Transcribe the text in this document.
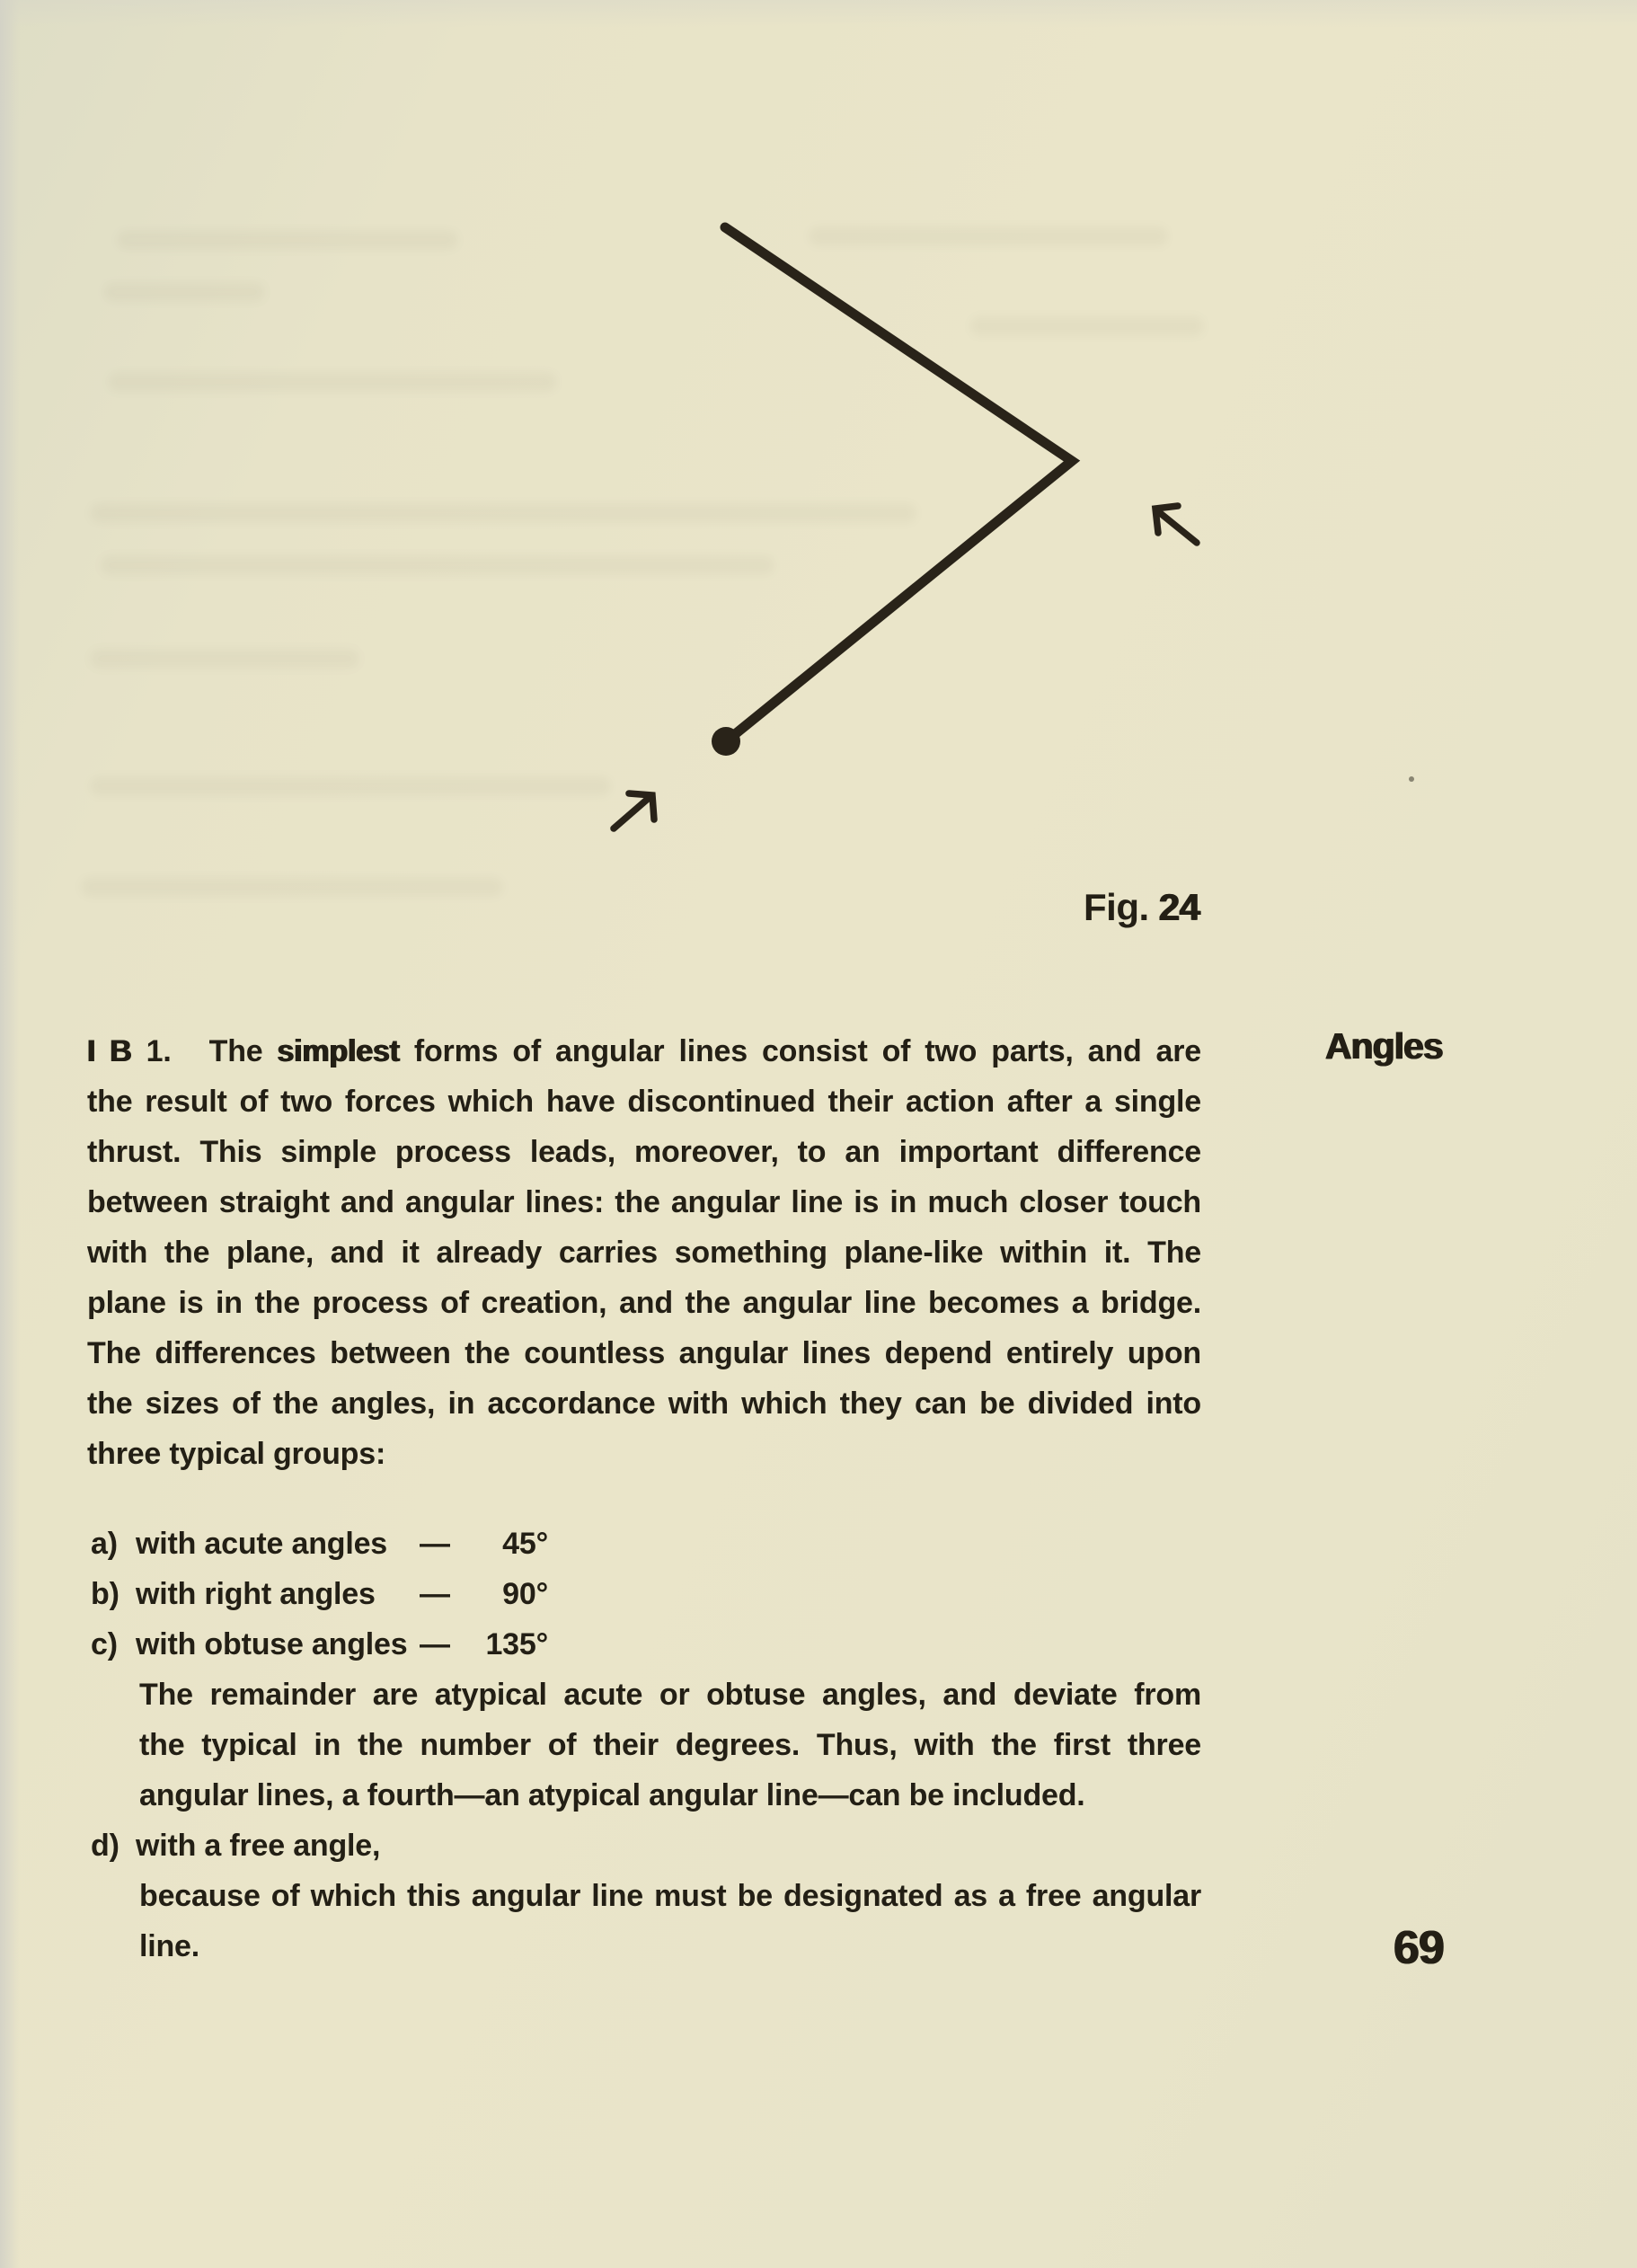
Fig. 24
Angles
I B 1. The simplest forms of angular lines consist of two parts, and are
the result of two forces which have discontinued their action after a single
thrust. This simple process leads, moreover, to an important difference
between straight and angular lines: the angular line is in much closer touch
with the plane, and it already carries something plane-like within it. The
plane is in the process of creation, and the angular line becomes a bridge.
The differences between the countless angular lines depend entirely upon
the sizes of the angles, in accordance with which they can be divided into
three typical groups:
a) with acute angles —	45°
b) with right angles —	90°
c) with obtuse angles —	135°
The remainder are atypical acute or obtuse angles, and deviate from
the typical in the number of their degrees. Thus, with the first three
angular lines, a fourth—an atypical angular line—can be included.
d) with a free angle,
because of which this angular line must be designated as a free angular
line.	69
